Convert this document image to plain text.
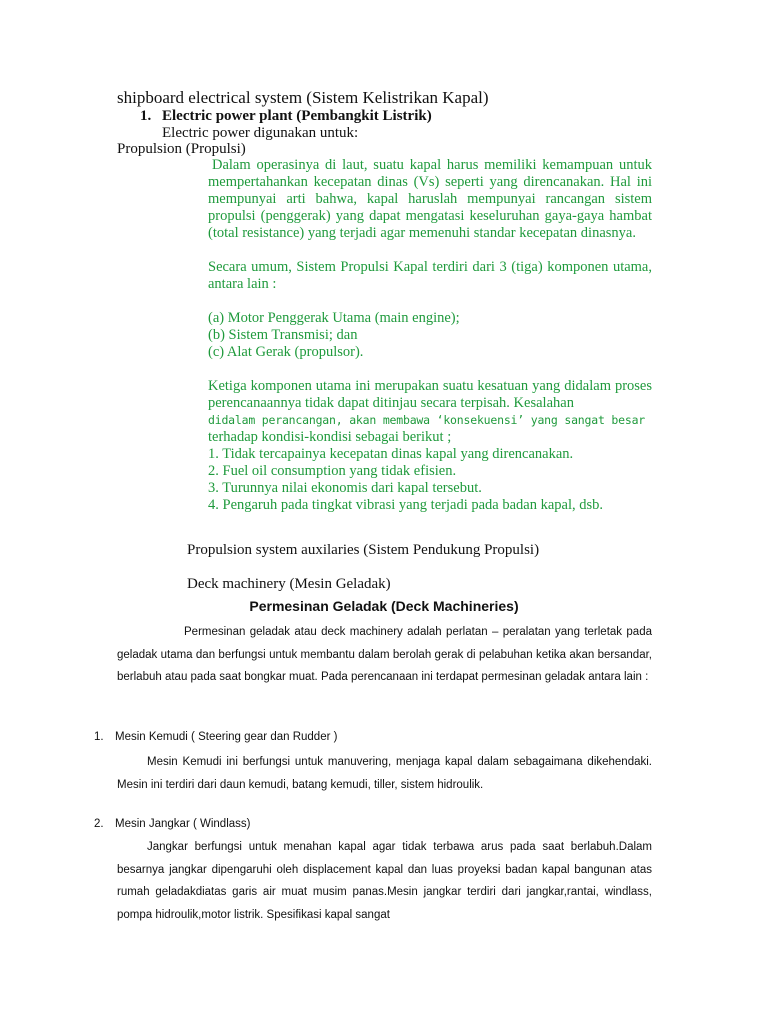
shipboard electrical system (Sistem Kelistrikan Kapal)
1. Electric power plant (Pembangkit Listrik)
Electric power digunakan untuk:
Propulsion (Propulsi)

Dalam operasinya di laut, suatu kapal harus memiliki kemampuan untuk mempertahankan kecepatan dinas (Vs) seperti yang direncanakan. Hal ini mempunyai arti bahwa, kapal haruslah mempunyai rancangan sistem propulsi (penggerak) yang dapat mengatasi keseluruhan gaya-gaya hambat (total resistance) yang terjadi agar memenuhi standar kecepatan dinasnya.

Secara umum, Sistem Propulsi Kapal terdiri dari 3 (tiga) komponen utama, antara lain :

(a) Motor Penggerak Utama (main engine);
(b) Sistem Transmisi; dan
(c) Alat Gerak (propulsor).

Ketiga komponen utama ini merupakan suatu kesatuan yang didalam proses perencanaannya tidak dapat ditinjau secara terpisah. Kesalahan

didalam perancangan, akan membawa ‘konsekuensi’ yang sangat besar
terhadap kondisi-kondisi sebagai berikut ;
1. Tidak tercapainya kecepatan dinas kapal yang direncanakan.
2. Fuel oil consumption yang tidak efisien.
3. Turunnya nilai ekonomis dari kapal tersebut.
4. Pengaruh pada tingkat vibrasi yang terjadi pada badan kapal, dsb.
Propulsion system auxilaries (Sistem Pendukung Propulsi)
Deck machinery (Mesin Geladak)
Permesinan Geladak (Deck Machineries)

Permesinan geladak atau deck machinery adalah perlatan – peralatan yang terletak pada geladak utama dan berfungsi untuk membantu dalam berolah gerak di pelabuhan ketika akan bersandar, berlabuh atau pada saat bongkar muat. Pada perencanaan ini terdapat permesinan geladak antara lain :

1. Mesin Kemudi ( Steering gear dan Rudder )

Mesin Kemudi ini berfungsi untuk manuvering, menjaga kapal dalam sebagaimana dikehendaki. Mesin ini terdiri dari daun kemudi, batang kemudi, tiller, sistem hidroulik.

2. Mesin Jangkar ( Windlass)

Jangkar berfungsi untuk menahan kapal agar tidak terbawa arus pada saat berlabuh.Dalam besarnya jangkar dipengaruhi oleh displacement kapal dan luas proyeksi badan kapal bangunan atas rumah geladakdiatas garis air muat musim panas.Mesin jangkar terdiri dari jangkar,rantai, windlass, pompa hidroulik,motor listrik. Spesifikasi kapal sangat
